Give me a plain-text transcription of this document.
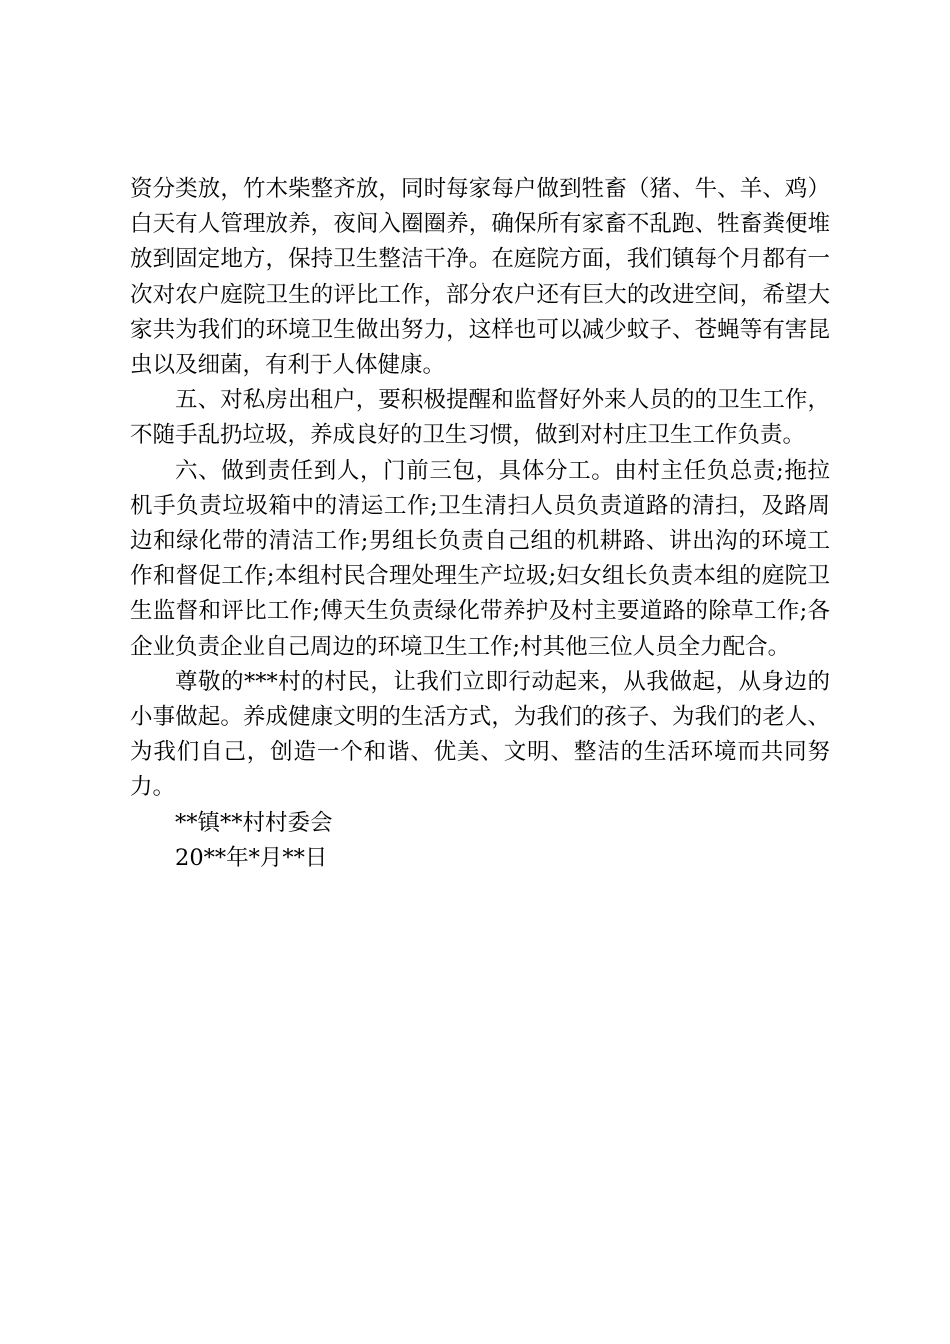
资分类放，竹木柴整齐放，同时每家每户做到牲畜（猪、牛、羊、鸡）白天有人管理放养，夜间入圈圈养，确保所有家畜不乱跑、牲畜粪便堆放到固定地方，保持卫生整洁干净。在庭院方面，我们镇每个月都有一次对农户庭院卫生的评比工作，部分农户还有巨大的改进空间，希望大家共为我们的环境卫生做出努力，这样也可以减少蚊子、苍蝇等有害昆虫以及细菌，有利于人体健康。

五、对私房出租户，要积极提醒和监督好外来人员的的卫生工作，不随手乱扔垃圾，养成良好的卫生习惯，做到对村庄卫生工作负责。

六、做到责任到人，门前三包，具体分工。由村主任负总责;拖拉机手负责垃圾箱中的清运工作;卫生清扫人员负责道路的清扫，及路周边和绿化带的清洁工作;男组长负责自己组的机耕路、讲出沟的环境工作和督促工作;本组村民合理处理生产垃圾;妇女组长负责本组的庭院卫生监督和评比工作;傅天生负责绿化带养护及村主要道路的除草工作;各企业负责企业自己周边的环境卫生工作;村其他三位人员全力配合。

尊敬的***村的村民，让我们立即行动起来，从我做起，从身边的小事做起。养成健康文明的生活方式，为我们的孩子、为我们的老人、为我们自己，创造一个和谐、优美、文明、整洁的生活环境而共同努力。

**镇**村村委会

20**年*月**日
